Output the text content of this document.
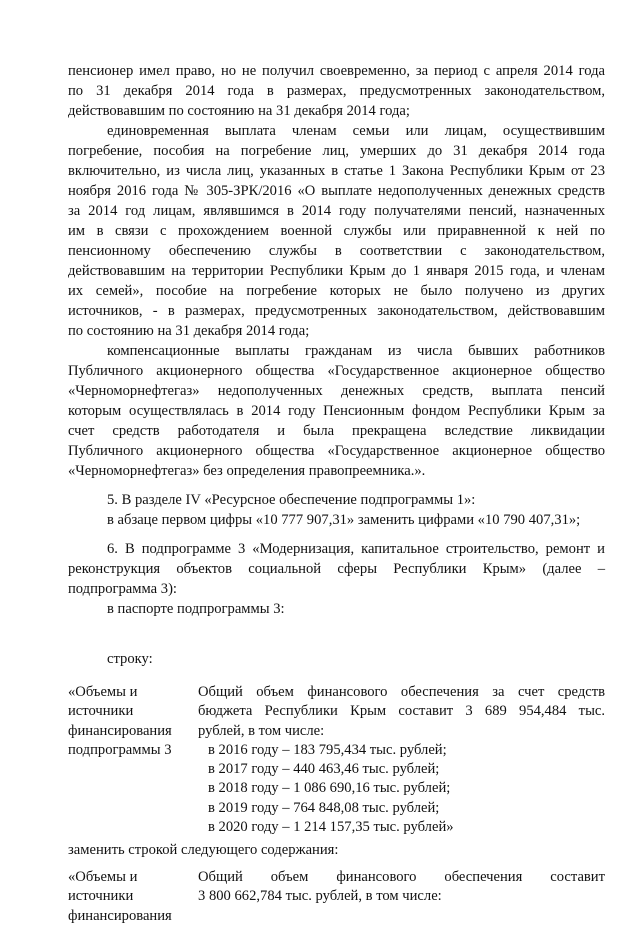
пенсионер имел право, но не получил своевременно, за период с апреля 2014 года
по 31 декабря 2014 года в размерах, предусмотренных законодательством,
действовавшим по состоянию на 31 декабря 2014 года;
единовременная выплата членам семьи или лицам, осуществившим
погребение, пособия на погребение лиц, умерших до 31 декабря 2014 года
включительно, из числа лиц, указанных в статье 1 Закона Республики Крым от 23
ноября 2016 года № 305-ЗРК/2016 «О выплате недополученных денежных средств
за 2014 год лицам, являвшимся в 2014 году получателями пенсий, назначенных
им в связи с прохождением военной службы или приравненной к ней по
пенсионному обеспечению службы в соответствии с законодательством,
действовавшим на территории Республики Крым до 1 января 2015 года, и членам
их семей», пособие на погребение которых не было получено из других
источников, - в размерах, предусмотренных законодательством, действовавшим
по состоянию на 31 декабря 2014 года;
компенсационные выплаты гражданам из числа бывших работников
Публичного акционерного общества «Государственное акционерное общество
«Черноморнефтегаз» недополученных денежных средств, выплата пенсий
которым осуществлялась в 2014 году Пенсионным фондом Республики Крым за
счет средств работодателя и была прекращена вследствие ликвидации
Публичного акционерного общества «Государственное акционерное общество
«Черноморнефтегаз» без определения правопреемника.».
5. В разделе IV «Ресурсное обеспечение подпрограммы 1»:
в абзаце первом цифры «10 777 907,31» заменить цифрами «10 790 407,31»;
6. В подпрограмме 3 «Модернизация, капитальное строительство, ремонт и
реконструкция объектов социальной сферы Республики Крым» (далее –
подпрограмма 3):
в паспорте подпрограммы 3:
строку:
«Объемы и
источники
финансирования
подпрограммы 3
Общий объем финансового обеспечения за счет средств
бюджета Республики Крым составит 3 689 954,484 тыс.
рублей, в том числе:
в 2016 году – 183 795,434 тыс. рублей;
в 2017 году – 440 463,46 тыс. рублей;
в 2018 году – 1 086 690,16 тыс. рублей;
в 2019 году – 764 848,08 тыс. рублей;
в 2020 году – 1 214 157,35 тыс. рублей»
заменить строкой следующего содержания:
«Объемы и
источники
финансирования
Общий объем финансового обеспечения составит
3 800 662,784 тыс. рублей, в том числе:
